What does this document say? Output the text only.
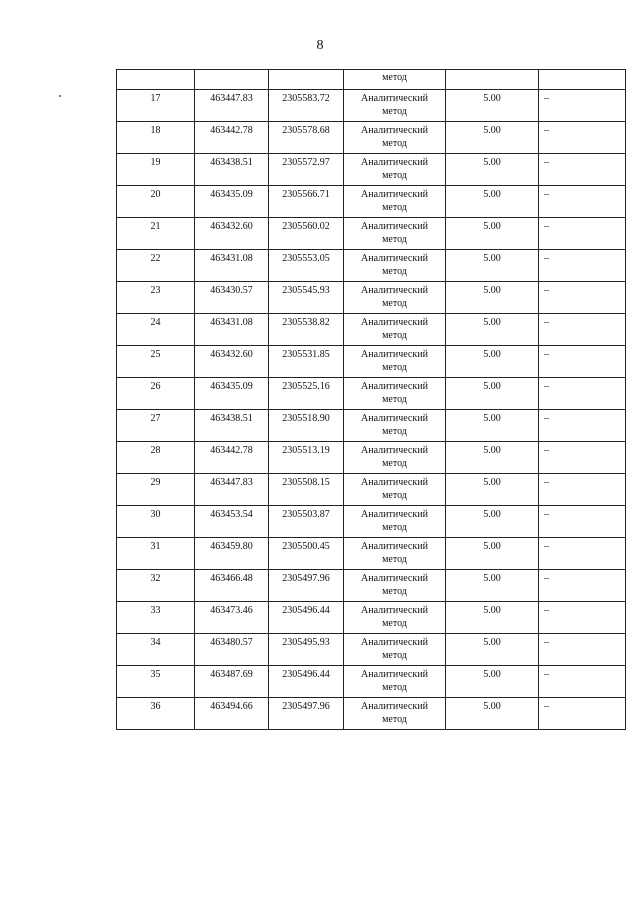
8
			метод		

17	463447.83	2305583.72	Аналитический
метод	5.00	–

18	463442.78	2305578.68	Аналитический
метод	5.00	–

19	463438.51	2305572.97	Аналитический
метод	5.00	–

20	463435.09	2305566.71	Аналитический
метод	5.00	–

21	463432.60	2305560.02	Аналитический
метод	5.00	–

22	463431.08	2305553.05	Аналитический
метод	5.00	–

23	463430.57	2305545.93	Аналитический
метод	5.00	–

24	463431.08	2305538.82	Аналитический
метод	5.00	–

25	463432.60	2305531.85	Аналитический
метод	5.00	–

26	463435.09	2305525.16	Аналитический
метод	5.00	–

27	463438.51	2305518.90	Аналитический
метод	5.00	–

28	463442.78	2305513.19	Аналитический
метод	5.00	–

29	463447.83	2305508.15	Аналитический
метод	5.00	–

30	463453.54	2305503.87	Аналитический
метод	5.00	–

31	463459.80	2305500.45	Аналитический
метод	5.00	–

32	463466.48	2305497.96	Аналитический
метод	5.00	–

33	463473.46	2305496.44	Аналитический
метод	5.00	–

34	463480.57	2305495.93	Аналитический
метод	5.00	–

35	463487.69	2305496.44	Аналитический
метод	5.00	–

36	463494.66	2305497.96	Аналитический
метод	5.00	–
